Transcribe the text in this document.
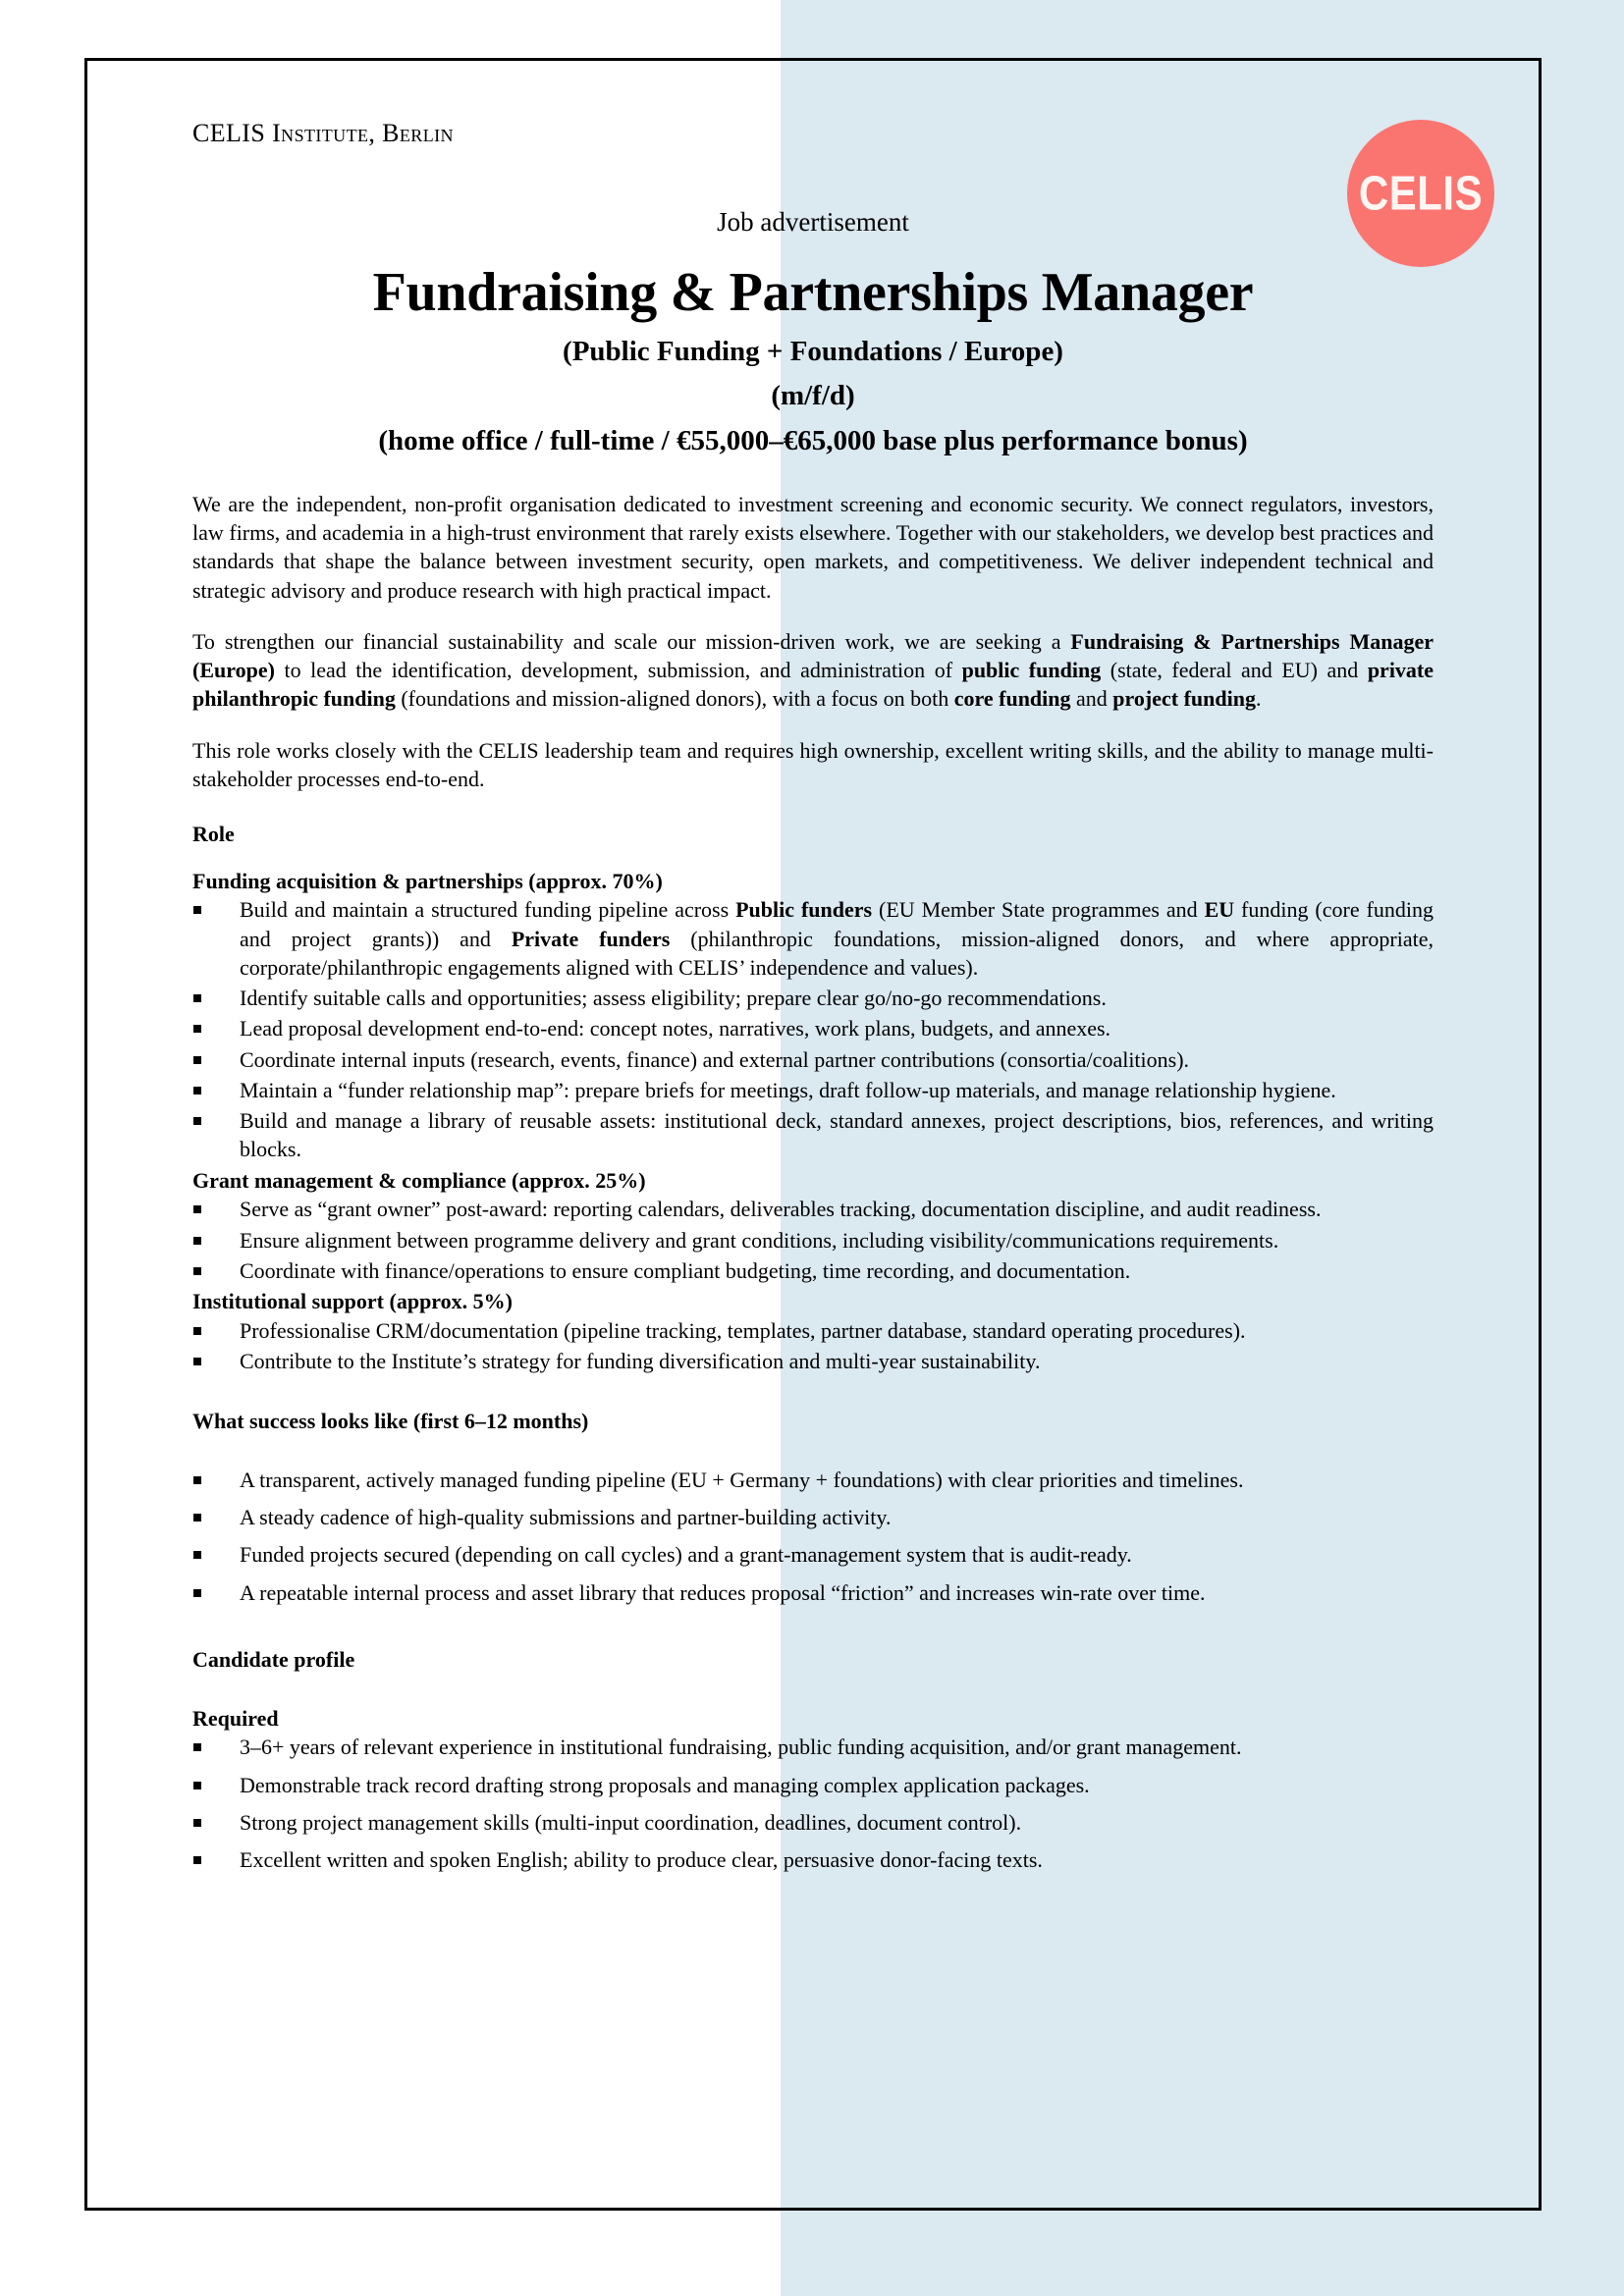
CELIS
CELIS Institute, Berlin
Job advertisement
Fundraising & Partnerships Manager
(Public Funding + Foundations / Europe)
(m/f/d)
(home office / full-time / €55,000–€65,000 base plus performance bonus)

We are the independent, non-profit organisation dedicated to investment screening and economic security. We connect regulators, investors, law firms, and academia in a high-trust environment that rarely exists elsewhere. Together with our stakeholders, we develop best practices and standards that shape the balance between investment security, open markets, and competitiveness. We deliver independent technical and strategic advisory and produce research with high practical impact.

To strengthen our financial sustainability and scale our mission-driven work, we are seeking a Fundraising & Partnerships Manager (Europe) to lead the identification, development, submission, and administration of public funding (state, federal and EU) and private philanthropic funding (foundations and mission-aligned donors), with a focus on both core funding and project funding.

This role works closely with the CELIS leadership team and requires high ownership, excellent writing skills, and the ability to manage multi-stakeholder processes end-to-end.

Role
Funding acquisition & partnerships (approx. 70%)
Build and maintain a structured funding pipeline across Public funders (EU Member State programmes and EU funding (core funding and project grants)) and Private funders (philanthropic foundations, mission-aligned donors, and where appropriate, corporate/philanthropic engagements aligned with CELIS’ independence and values).
Identify suitable calls and opportunities; assess eligibility; prepare clear go/no-go recommendations.
Lead proposal development end-to-end: concept notes, narratives, work plans, budgets, and annexes.
Coordinate internal inputs (research, events, finance) and external partner contributions (consortia/coalitions).
Maintain a “funder relationship map”: prepare briefs for meetings, draft follow-up materials, and manage relationship hygiene.
Build and manage a library of reusable assets: institutional deck, standard annexes, project descriptions, bios, references, and writing blocks.
Grant management & compliance (approx. 25%)
Serve as “grant owner” post-award: reporting calendars, deliverables tracking, documentation discipline, and audit readiness.
Ensure alignment between programme delivery and grant conditions, including visibility/communications requirements.
Coordinate with finance/operations to ensure compliant budgeting, time recording, and documentation.
Institutional support (approx. 5%)
Professionalise CRM/documentation (pipeline tracking, templates, partner database, standard operating procedures).
Contribute to the Institute’s strategy for funding diversification and multi-year sustainability.
What success looks like (first 6–12 months)
A transparent, actively managed funding pipeline (EU + Germany + foundations) with clear priorities and timelines.
A steady cadence of high-quality submissions and partner-building activity.
Funded projects secured (depending on call cycles) and a grant-management system that is audit-ready.
A repeatable internal process and asset library that reduces proposal “friction” and increases win-rate over time.
Candidate profile
Required
3–6+ years of relevant experience in institutional fundraising, public funding acquisition, and/or grant management.
Demonstrable track record drafting strong proposals and managing complex application packages.
Strong project management skills (multi-input coordination, deadlines, document control).
Excellent written and spoken English; ability to produce clear, persuasive donor-facing texts.
